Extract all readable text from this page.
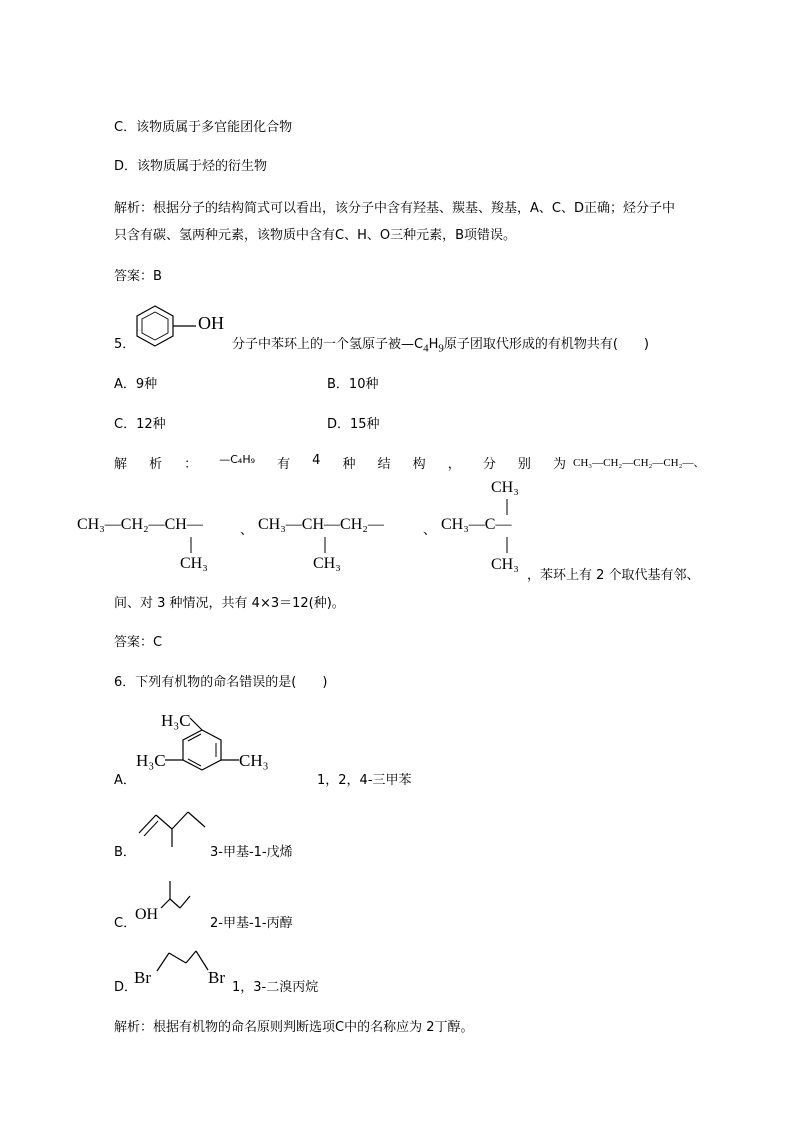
C．该物质属于多官能团化合物
D．该物质属于烃的衍生物
解析：根据分子的结构简式可以看出，该分子中含有羟基、羰基、羧基，A、C、D正确；烃分子中
只含有碳、氢两种元素，该物质中含有C、H、O三种元素，B项错误。
答案：B
5．
OH
分子中苯环上的一个氢原子被$—C_4H_9$原子团取代形成的有机物共有(　　)
A．9种	B．10种
C．12种	D．15种
解 析 ： —C₄H₉ 有 4 种 结 构 ， 分 别 为 CH₃—CH₂—CH₂—CH₂—、
CH₃—CH₂—CH—
CH₃
、 CH₃—CH—CH₂—
CH₃
、
CH₃
CH₃—C—
CH₃
，苯环上有 2 个取代基有邻、
间、对 3 种情况，共有 4×3＝12(种)。
答案：C
6．下列有机物的命名错误的是(　　)
A．
H₃C
H₃C	CH₃
1，2，4-三甲苯
B．	3-甲基-1-戊烯
C．
OH
2-甲基-1-丙醇
D．
Br	Br
1，3-二溴丙烷
解析：根据有机物的命名原则判断选项C中的名称应为 2丁醇。
